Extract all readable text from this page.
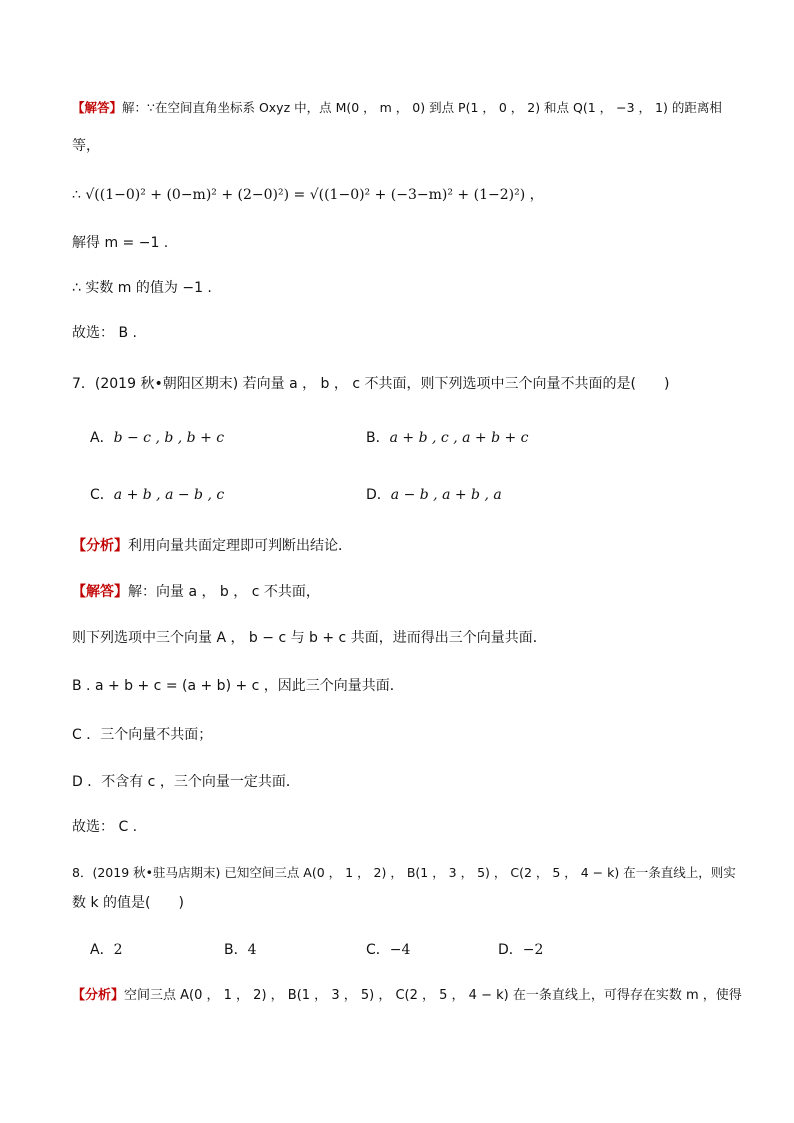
【解答】解：∵在空间直角坐标系 Oxyz 中，点 M(0 ， m ， 0) 到点 P(1 ， 0 ， 2) 和点 Q(1 ， −3 ， 1) 的距离相
等，
∴ √((1−0)² + (0−m)² + (2−0)²) = √((1−0)² + (−3−m)² + (1−2)²) ，
解得 m = −1 .
∴ 实数 m 的值为 −1 .
故选： B .
7．(2019 秋•朝阳区期末) 若向量 a ， b ， c 不共面，则下列选项中三个向量不共面的是(　　)
A．b − c , b , b + c	B．a + b , c , a + b + c
C．a + b , a − b , c	D．a − b , a + b , a
【分析】利用向量共面定理即可判断出结论．
【解答】解：向量 a ， b ， c 不共面，
则下列选项中三个向量 A ， b − c 与 b + c 共面，进而得出三个向量共面．
B . a + b + c = (a + b) + c ，因此三个向量共面．
C ．三个向量不共面；
D ．不含有 c ，三个向量一定共面．
故选： C .
8．(2019 秋•驻马店期末) 已知空间三点 A(0 ， 1 ， 2) ， B(1 ， 3 ， 5) ， C(2 ， 5 ， 4 − k) 在一条直线上，则实
数 k 的值是(　　)
A．2	B．4	C．−4	D．−2
【分析】空间三点 A(0 ， 1 ， 2) ， B(1 ， 3 ， 5) ， C(2 ， 5 ， 4 − k) 在一条直线上，可得存在实数 m ，使得
